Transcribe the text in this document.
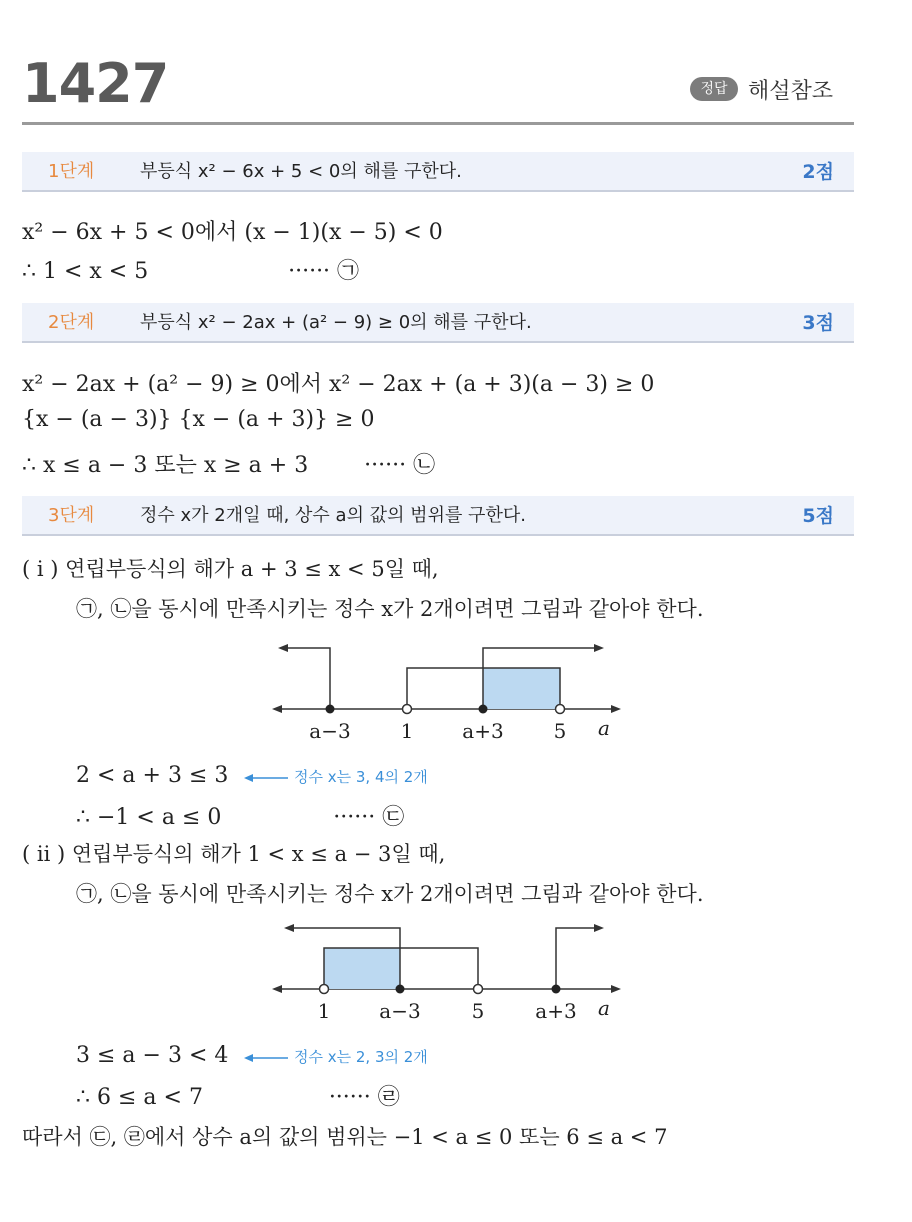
1427	정답 해설참조
1단계	부등식 x² − 6x + 5 < 0의 해를 구한다.	2점
x² − 6x + 5 < 0에서 (x − 1)(x − 5) < 0
∴ 1 < x < 5                    ······ ㉠
2단계	부등식 x² − 2ax + (a² − 9) ≥ 0의 해를 구한다.	3점
x² − 2ax + (a² − 9) ≥ 0에서 x² − 2ax + (a + 3)(a − 3) ≥ 0
{x − (a − 3)} {x − (a + 3)} ≥ 0
∴ x ≤ a − 3 또는 x ≥ a + 3        ······ ㉡
3단계	정수 x가 2개일 때, 상수 a의 값의 범위를 구한다.	5점
( i ) 연립부등식의 해가 a + 3 ≤ x < 5일 때,
㉠, ㉡을 동시에 만족시키는 정수 x가 2개이려면 그림과 같아야 한다.
a−3 1 a+3 5 a
2 < a + 3 ≤ 3	정수 x는 3, 4의 2개
∴ −1 < a ≤ 0                ······ ㉢
( ii ) 연립부등식의 해가 1 < x ≤ a − 3일 때,
㉠, ㉡을 동시에 만족시키는 정수 x가 2개이려면 그림과 같아야 한다.
1 a−3	5	a+3 a
3 ≤ a − 3 < 4	정수 x는 2, 3의 2개
∴ 6 ≤ a < 7                  ······ ㉣
따라서 ㉢, ㉣에서 상수 a의 값의 범위는 −1 < a ≤ 0 또는 6 ≤ a < 7
